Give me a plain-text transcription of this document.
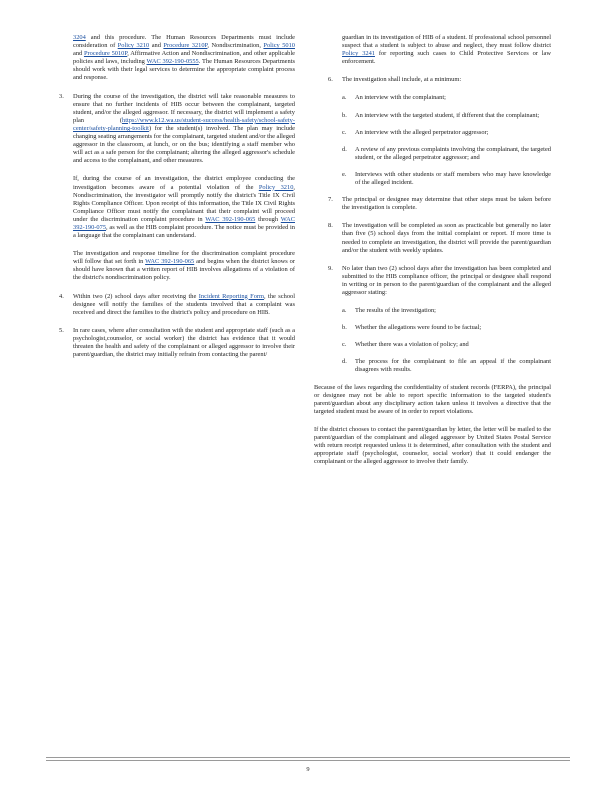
3204 and this procedure. The Human Resources Departments must include consideration of Policy 3210 and Procedure 3210P, Nondiscrimination, Policy 5010 and Procedure 5010P, Affirmative Action and Nondiscrimination, and other applicable policies and laws, including WAC 392-190-0555. The Human Resources Departments should work with their legal services to determine the appropriate complaint process and response.

3. During the course of the investigation, the district will take reasonable measures to ensure that no further incidents of HIB occur between the complainant, targeted student, and/or the alleged aggressor. If necessary, the district will implement a safety plan (https://www.k12.wa.us/student-success/health-safety/school-safety-center/safety-planning-toolkit) for the student(s) involved. The plan may include changing seating arrangements for the complainant, targeted student and/or the alleged aggressor in the classroom, at lunch, or on the bus; identifying a staff member who will act as a safe person for the complainant; altering the alleged aggressor's schedule and access to the complainant, and other measures.

If, during the course of an investigation, the district employee conducting the investigation becomes aware of a potential violation of the Policy 3210, Nondiscrimination, the investigator will promptly notify the district's Title IX Civil Rights Compliance Officer. Upon receipt of this information, the Title IX Civil Rights Compliance Officer must notify the complainant that their complaint will proceed under the discrimination complaint procedure in WAC 392-190-065 through WAC 392-190-075, as well as the HIB complaint procedure. The notice must be provided in a language that the complainant can understand.

The investigation and response timeline for the discrimination complaint procedure will follow that set forth in WAC 392-190-065 and begins when the district knows or should have known that a written report of HIB involves allegations of a violation of the district's nondiscrimination policy.

4. Within two (2) school days after receiving the Incident Reporting Form, the school designee will notify the families of the students involved that a complaint was received and direct the families to the district's policy and procedure on HIB.

5. In rare cases, where after consultation with the student and appropriate staff (such as a psychologist,counselor, or social worker) the district has evidence that it would threaten the health and safety of the complainant or alleged aggressor to involve their parent/guardian, the district may initially refrain from contacting the parent/

guardian in its investigation of HIB of a student. If professional school personnel suspect that a student is subject to abuse and neglect, they must follow district Policy 3241 for reporting such cases to Child Protective Services or law enforcement.

6. The investigation shall include, at a minimum:
a.	An interview with the complainant;
b.	An interview with the targeted student, if different that the complainant;
c.	An interview with the alleged perpetrator aggressor;
d.	A review of any previous complaints involving the complainant, the targeted student, or the alleged perpetrator aggressor; and
e.	Interviews with other students or staff members who may have knowledge of the alleged incident.
7. The principal or designee may determine that other steps must be taken before the investigation is complete.
8. The investigation will be completed as soon as practicable but generally no later than five (5) school days from the initial complaint or report. If more time is needed to complete an investigation, the district will provide the parent/guardian and/or the student with weekly updates.
9. No later than two (2) school days after the investigation has been completed and submitted to the HIB compliance officer, the principal or designee shall respond in writing or in person to the parent/guardian of the complainant and the alleged aggressor stating:
a.	The results of the investigation;
b.	Whether the allegations were found to be factual;
c.	Whether there was a violation of policy; and
d.	The process for the complainant to file an appeal if the complainant disagrees with results.

Because of the laws regarding the confidentiality of student records (FERPA), the principal or designee may not be able to report specific information to the targeted student's parent/guardian about any disciplinary action taken unless it involves a directive that the targeted student must be aware of in order to report violations.

If the district chooses to contact the parent/guardian by letter, the letter will be mailed to the parent/guardian of the complainant and alleged aggressor by United States Postal Service with return receipt requested unless it is determined, after consultation with the student and appropriate staff (psychologist, counselor, social worker) that it could endanger the complainant or the alleged aggressor to involve their family.

9
